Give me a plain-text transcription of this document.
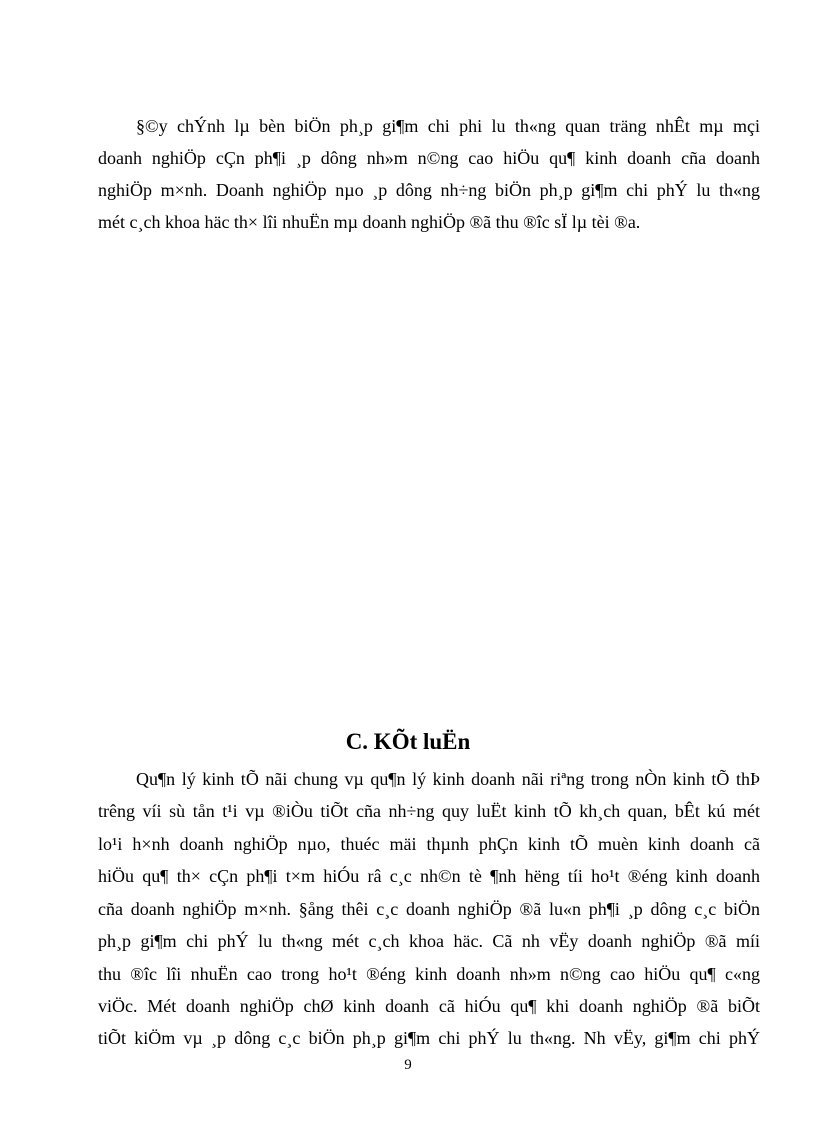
§©y chÝnh lµ bèn biÖn ph¸p gi¶m chi phi lu th«ng quan träng nhÊt mµ mçi
doanh nghiÖp cÇn ph¶i ¸p dông nh»m n©ng cao hiÖu qu¶ kinh doanh cña doanh
nghiÖp m×nh. Doanh nghiÖp nµo ¸p dông nh÷ng biÖn ph¸p gi¶m chi phÝ lu th«ng
mét c¸ch khoa häc th× lîi nhuËn mµ doanh nghiÖp ®ã thu ®îc sÏ lµ tèi ®a.
C. KÕt luËn
Qu¶n lý kinh tÕ nãi chung vµ qu¶n lý kinh doanh nãi riªng trong nÒn kinh tÕ thÞ
trêng víi sù tån t¹i vµ ®iÒu tiÕt cña nh÷ng quy luËt kinh tÕ kh¸ch quan, bÊt kú mét
lo¹i h×nh doanh nghiÖp nµo, thuéc mäi thµnh phÇn kinh tÕ muèn kinh doanh cã
hiÖu qu¶ th× cÇn ph¶i t×m hiÓu râ c¸c nh©n tè ¶nh hëng tíi ho¹t ®éng kinh doanh
cña doanh nghiÖp m×nh. §ång thêi c¸c doanh nghiÖp ®ã lu«n ph¶i ¸p dông c¸c biÖn
ph¸p gi¶m chi phÝ lu th«ng mét c¸ch khoa häc. Cã nh vËy doanh nghiÖp ®ã míi
thu ®îc lîi nhuËn cao trong ho¹t ®éng kinh doanh nh»m n©ng cao hiÖu qu¶ c«ng
viÖc. Mét doanh nghiÖp chØ kinh doanh cã hiÓu qu¶ khi doanh nghiÖp ®ã biÕt
tiÕt kiÖm vµ ¸p dông c¸c biÖn ph¸p gi¶m chi phÝ lu th«ng. Nh vËy, gi¶m chi phÝ
9
